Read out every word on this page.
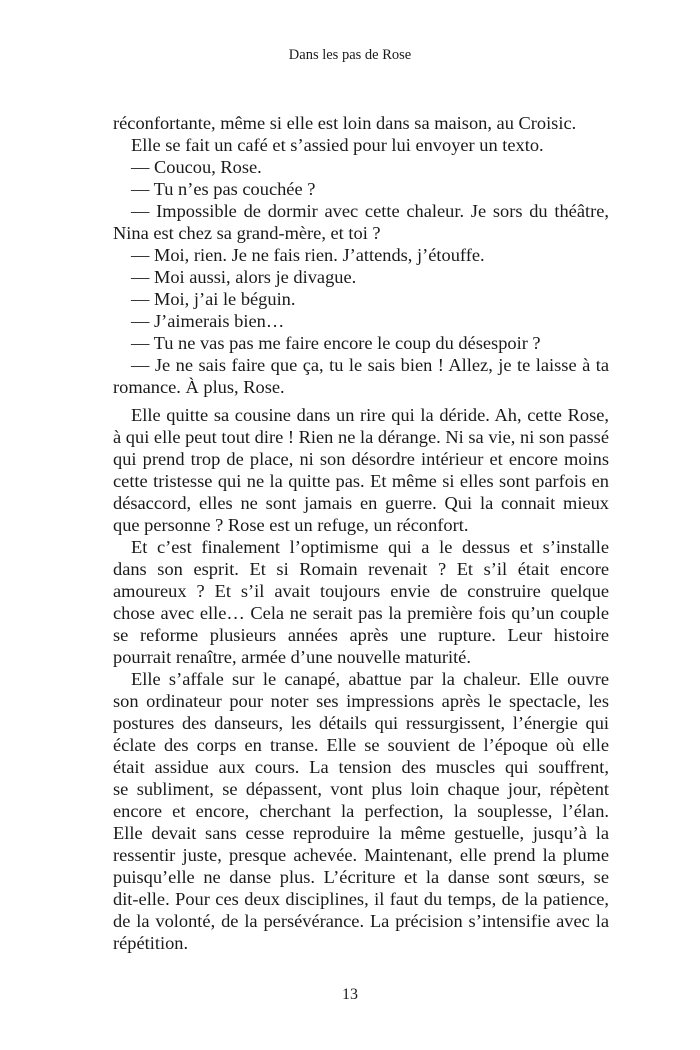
Dans les pas de Rose
réconfortante, même si elle est loin dans sa maison, au Croisic.
Elle se fait un café et s’assied pour lui envoyer un texto.
— Coucou, Rose.
— Tu n’es pas couchée ?
— Impossible de dormir avec cette chaleur. Je sors du théâtre,
Nina est chez sa grand-mère, et toi ?
— Moi, rien. Je ne fais rien. J’attends, j’étouffe.
— Moi aussi, alors je divague.
— Moi, j’ai le béguin.
— J’aimerais bien…
— Tu ne vas pas me faire encore le coup du désespoir ?
— Je ne sais faire que ça, tu le sais bien ! Allez, je te laisse à ta
romance. À plus, Rose.
Elle quitte sa cousine dans un rire qui la déride. Ah, cette Rose,
à qui elle peut tout dire ! Rien ne la dérange. Ni sa vie, ni son passé
qui prend trop de place, ni son désordre intérieur et encore moins
cette tristesse qui ne la quitte pas. Et même si elles sont parfois en
désaccord, elles ne sont jamais en guerre. Qui la connait mieux
que personne ? Rose est un refuge, un réconfort.
Et c’est finalement l’optimisme qui a le dessus et s’installe
dans son esprit. Et si Romain revenait ? Et s’il était encore
amoureux ? Et s’il avait toujours envie de construire quelque
chose avec elle… Cela ne serait pas la première fois qu’un couple
se reforme plusieurs années après une rupture. Leur histoire
pourrait renaître, armée d’une nouvelle maturité.
Elle s’affale sur le canapé, abattue par la chaleur. Elle ouvre
son ordinateur pour noter ses impressions après le spectacle, les
postures des danseurs, les détails qui ressurgissent, l’énergie qui
éclate des corps en transe. Elle se souvient de l’époque où elle
était assidue aux cours. La tension des muscles qui souffrent,
se subliment, se dépassent, vont plus loin chaque jour, répètent
encore et encore, cherchant la perfection, la souplesse, l’élan.
Elle devait sans cesse reproduire la même gestuelle, jusqu’à la
ressentir juste, presque achevée. Maintenant, elle prend la plume
puisqu’elle ne danse plus. L’écriture et la danse sont sœurs, se
dit-elle. Pour ces deux disciplines, il faut du temps, de la patience,
de la volonté, de la persévérance. La précision s’intensifie avec la
répétition.
13
